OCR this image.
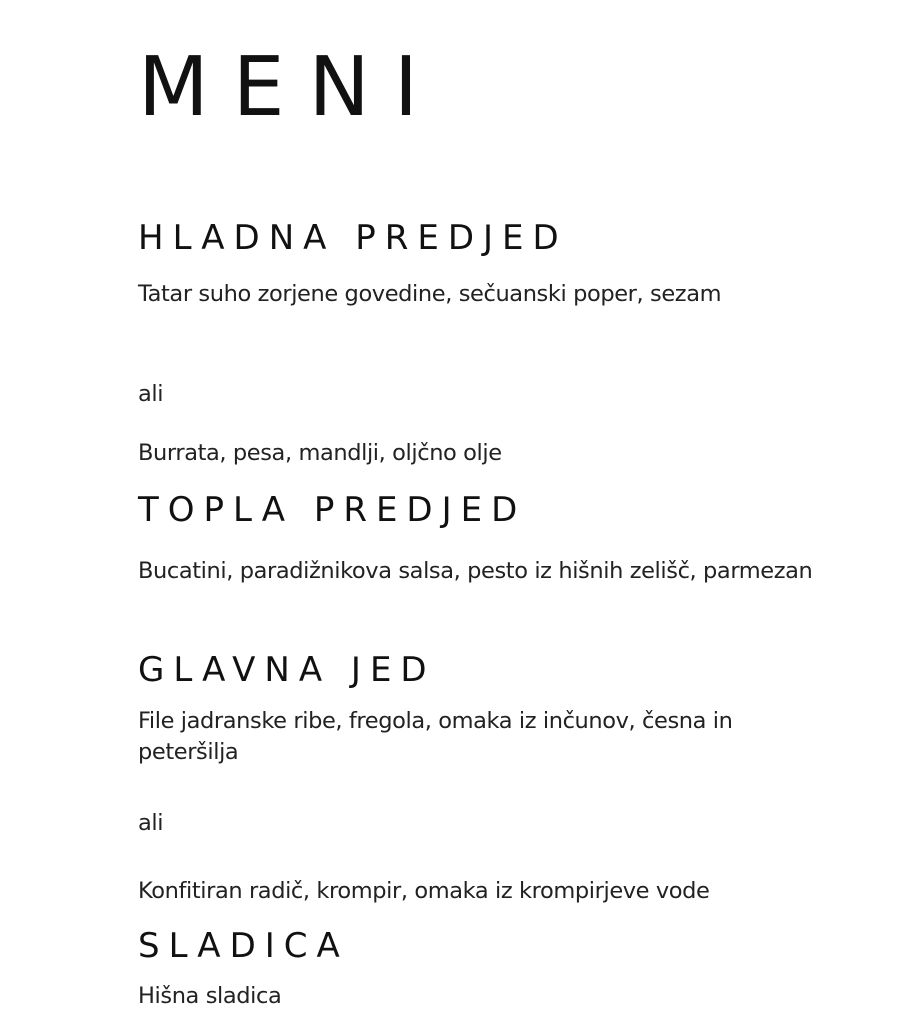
MENI
HLADNA PREDJED

Tatar suho zorjene govedine, sečuanski poper, sezam

ali

Burrata, pesa, mandlji, oljčno olje

TOPLA PREDJED

Bucatini, paradižnikova salsa, pesto iz hišnih zelišč, parmezan

GLAVNA JED

File jadranske ribe, fregola, omaka iz inčunov, česna in peteršilja

ali

Konfitiran radič, krompir, omaka iz krompirjeve vode

SLADICA

Hišna sladica
